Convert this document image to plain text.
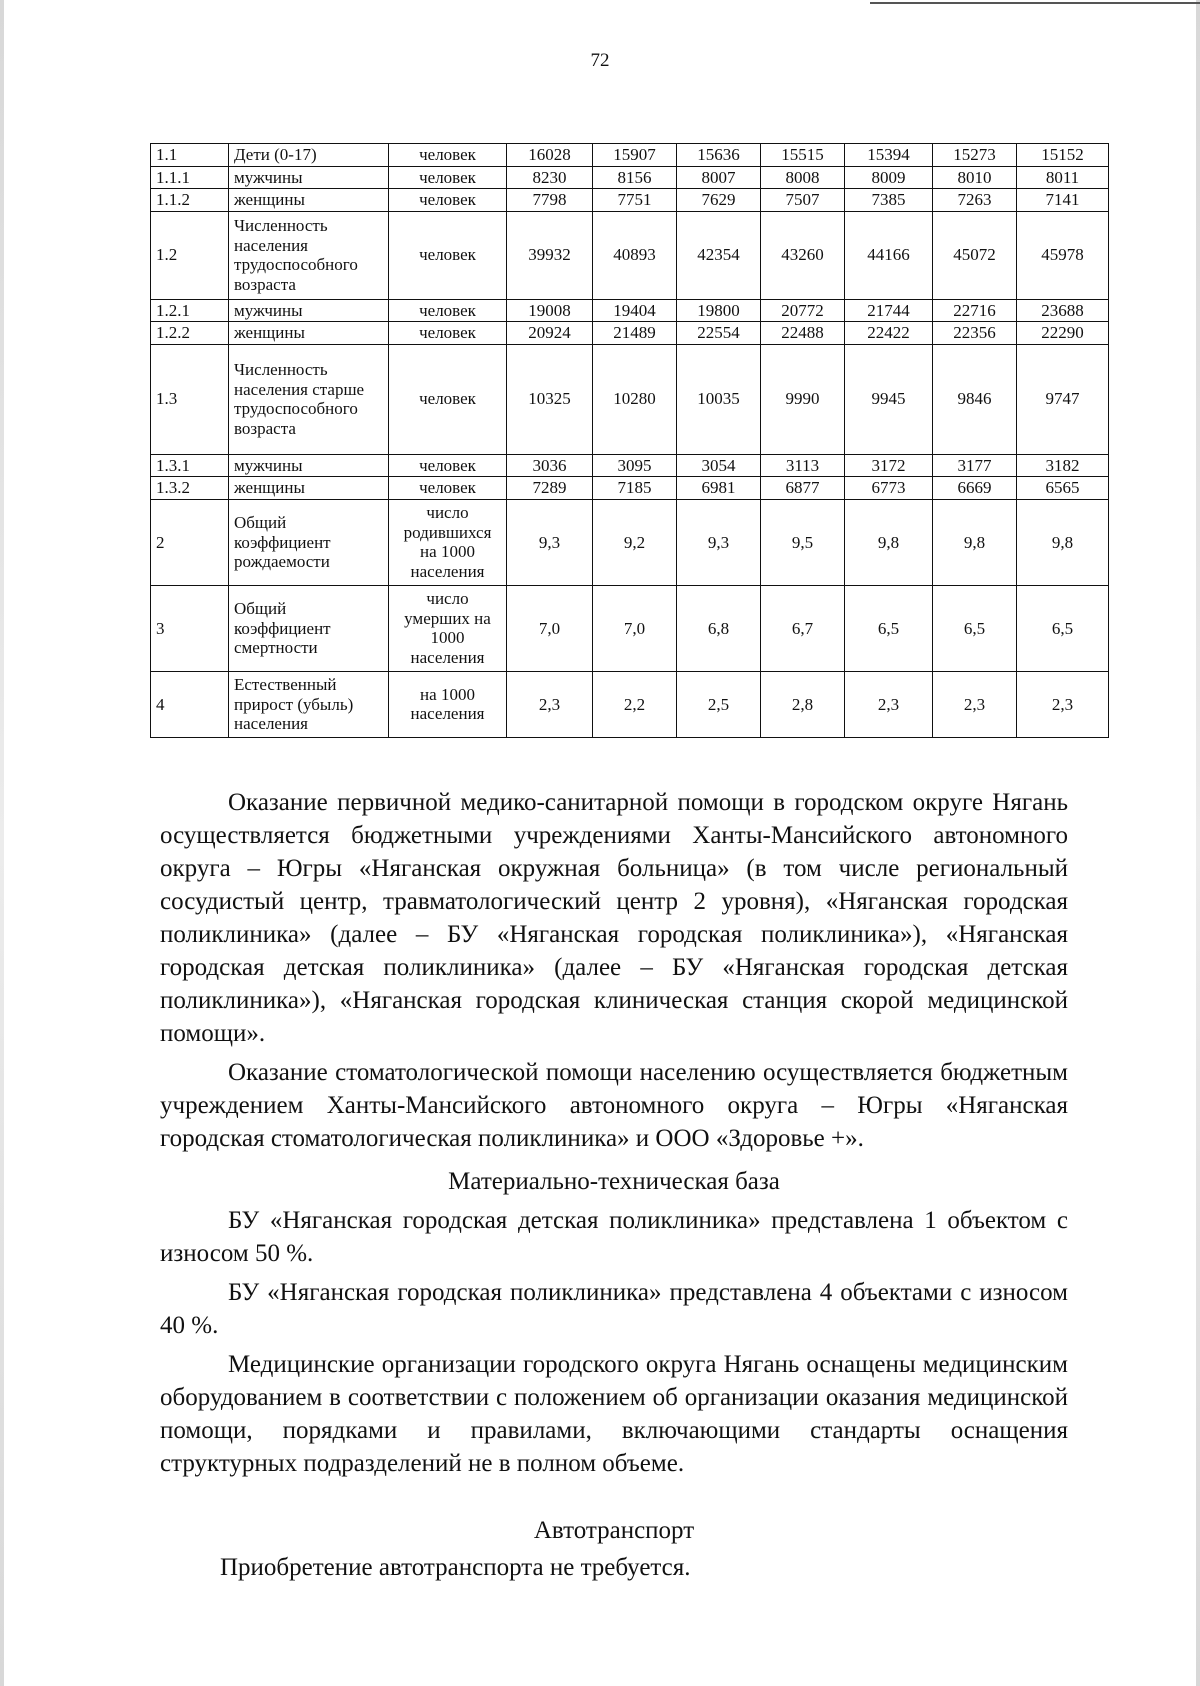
72
1.1	Дети (0-17)	человек	16028	15907	15636	15515	15394	15273	15152
1.1.1	мужчины	человек	8230	8156	8007	8008	8009	8010	8011
1.1.2	женщины	человек	7798	7751	7629	7507	7385	7263	7141
1.2	Численность населения трудоспособного возраста	человек	39932	40893	42354	43260	44166	45072	45978
1.2.1	мужчины	человек	19008	19404	19800	20772	21744	22716	23688
1.2.2	женщины	человек	20924	21489	22554	22488	22422	22356	22290
1.3	Численность населения старше трудоспособного возраста	человек	10325	10280	10035	9990	9945	9846	9747
1.3.1	мужчины	человек	3036	3095	3054	3113	3172	3177	3182
1.3.2	женщины	человек	7289	7185	6981	6877	6773	6669	6565
2	Общий коэффициент рождаемости	число родившихся на 1000 населения	9,3	9,2	9,3	9,5	9,8	9,8	9,8
3	Общий коэффициент смертности	число умерших на 1000 населения	7,0	7,0	6,8	6,7	6,5	6,5	6,5
4	Естественный прирост (убыль) населения	на 1000 населения	2,3	2,2	2,5	2,8	2,3	2,3	2,3

Оказание первичной медико-санитарной помощи в городском округе Нягань осуществляется бюджетными учреждениями Ханты-Мансийского автономного округа – Югры «Няганская окружная больница» (в том числе региональный сосудистый центр, травматологический центр 2 уровня), «Няганская городская поликлиника» (далее – БУ «Няганская городская поликлиника»), «Няганская городская детская поликлиника» (далее – БУ «Няганская городская детская поликлиника»), «Няганская городская клиническая станция скорой медицинской помощи».

Оказание стоматологической помощи населению осуществляется бюджетным учреждением Ханты-Мансийского автономного округа – Югры «Няганская городская стоматологическая поликлиника» и ООО «Здоровье +».

Материально-техническая база

БУ «Няганская городская детская поликлиника» представлена 1 объектом с износом 50 %.

БУ «Няганская городская поликлиника» представлена 4 объектами с износом 40 %.

Медицинские организации городского округа Нягань оснащены медицинским оборудованием в соответствии с положением об организации оказания медицинской помощи, порядками и правилами, включающими стандарты оснащения структурных подразделений не в полном объеме.

Автотранспорт

Приобретение автотранспорта не требуется.
